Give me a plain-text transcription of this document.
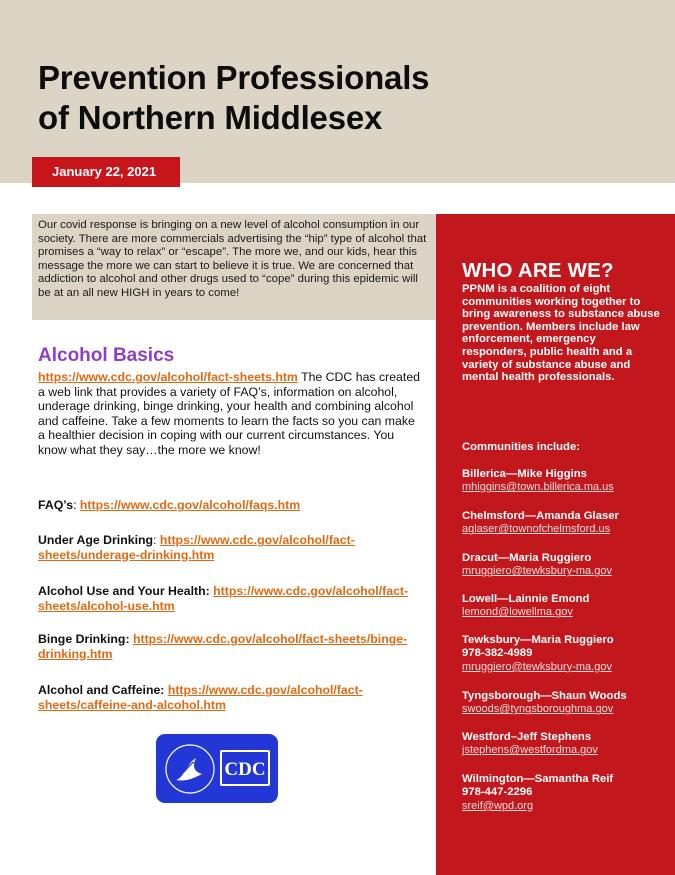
Prevention Professionals
of Northern Middlesex
January 22, 2021
Our covid response is bringing on a new level of alcohol consumption in our society. There are more commercials advertising the “hip” type of alcohol that promises a “way to relax” or “escape”. The more we, and our kids, hear this message the more we can start to believe it is true. We are concerned that addiction to alcohol and other drugs used to “cope” during this epidemic will be at an all new HIGH in years to come!
Alcohol Basics

https://www.cdc.gov/alcohol/fact-sheets.htm The CDC has created a web link that provides a variety of FAQ’s, information on alcohol, underage drinking, binge drinking, your health and combining alcohol and caffeine. Take a few moments to learn the facts so you can make a healthier decision in coping with our current circumstances. You know what they say…the more we know!

FAQ’s: https://www.cdc.gov/alcohol/faqs.htm

Under Age Drinking: https://www.cdc.gov/alcohol/fact-sheets/underage-drinking.htm

Alcohol Use and Your Health: https://www.cdc.gov/alcohol/fact-sheets/alcohol-use.htm

Binge Drinking: https://www.cdc.gov/alcohol/fact-sheets/binge-drinking.htm

Alcohol and Caffeine: https://www.cdc.gov/alcohol/fact-sheets/caffeine-and-alcohol.htm

CDC
WHO ARE WE?

PPNM is a coalition of eight communities working together to bring awareness to substance abuse prevention. Members include law enforcement, emergency responders, public health and a variety of substance abuse and mental health professionals.

Communities include:

Billerica—Mike Higgins
mhiggins@town.billerica.ma.us
Chelmsford—Amanda Glaser
aglaser@townofchelmsford.us
Dracut—Maria Ruggiero
mruggiero@tewksbury-ma.gov
Lowell—Lainnie Emond
lemond@lowellma.gov
Tewksbury—Maria Ruggiero
978-382-4989
mruggiero@tewksbury-ma.gov
Tyngsborough—Shaun Woods
swoods@tyngsboroughma.gov
Westford–Jeff Stephens
jstephens@westfordma.gov
Wilmington—Samantha Reif
978-447-2296
sreif@wpd.org
